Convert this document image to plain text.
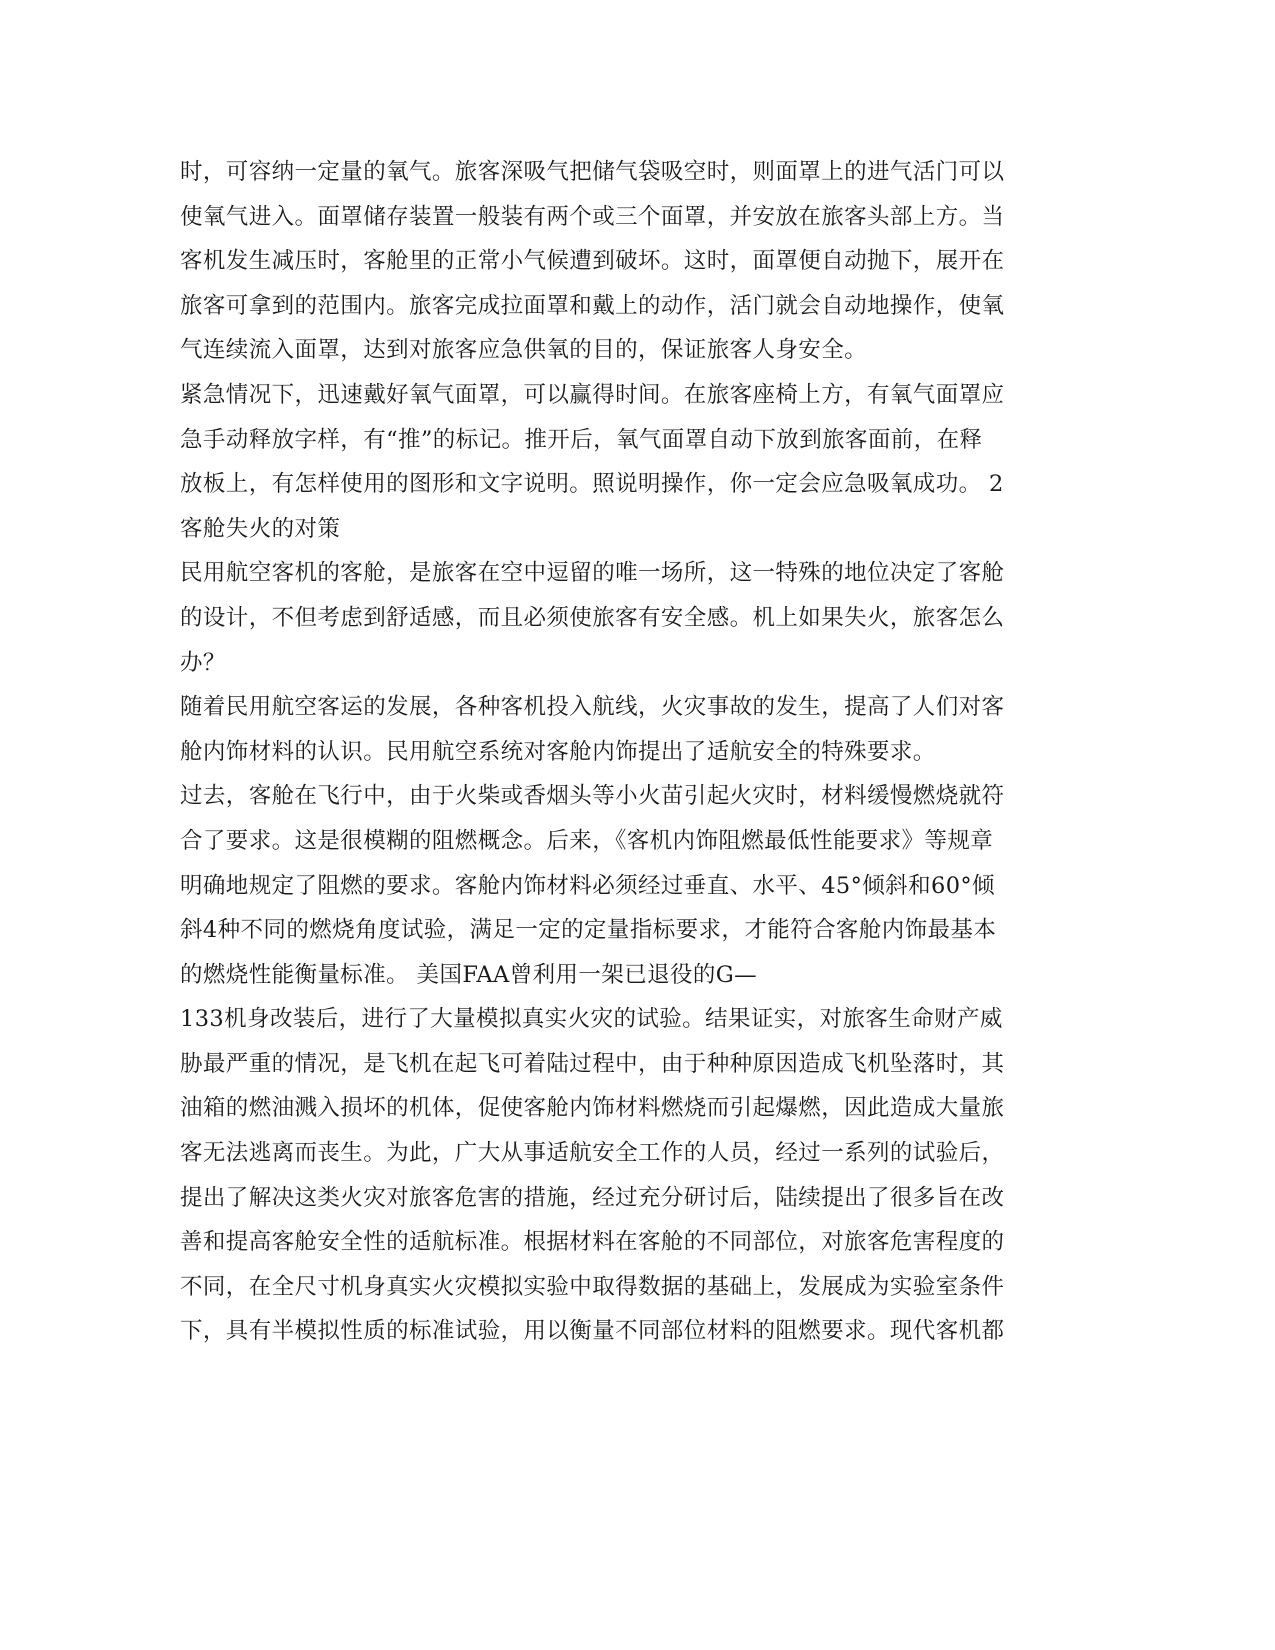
时，可容纳一定量的氧气。旅客深吸气把储气袋吸空时，则面罩上的进气活门可以
使氧气进入。面罩储存装置一般装有两个或三个面罩，并安放在旅客头部上方。当
客机发生减压时，客舱里的正常小气候遭到破坏。这时，面罩便自动抛下，展开在
旅客可拿到的范围内。旅客完成拉面罩和戴上的动作，活门就会自动地操作，使氧
气连续流入面罩，达到对旅客应急供氧的目的，保证旅客人身安全。
紧急情况下，迅速戴好氧气面罩，可以赢得时间。在旅客座椅上方，有氧气面罩应
急手动释放字样，有“推”的标记。推开后，氧气面罩自动下放到旅客面前，在释
放板上，有怎样使用的图形和文字说明。照说明操作，你一定会应急吸氧成功。 2
客舱失火的对策
民用航空客机的客舱，是旅客在空中逗留的唯一场所，这一特殊的地位决定了客舱
的设计，不但考虑到舒适感，而且必须使旅客有安全感。机上如果失火，旅客怎么
办？
随着民用航空客运的发展，各种客机投入航线，火灾事故的发生，提高了人们对客
舱内饰材料的认识。民用航空系统对客舱内饰提出了适航安全的特殊要求。
过去，客舱在飞行中，由于火柴或香烟头等小火苗引起火灾时，材料缓慢燃烧就符
合了要求。这是很模糊的阻燃概念。后来，《客机内饰阻燃最低性能要求》等规章
明确地规定了阻燃的要求。客舱内饰材料必须经过垂直、水平、45°倾斜和60°倾
斜4种不同的燃烧角度试验，满足一定的定量指标要求，才能符合客舱内饰最基本
的燃烧性能衡量标准。 美国FAA曾利用一架已退役的G—
133机身改装后，进行了大量模拟真实火灾的试验。结果证实，对旅客生命财产威
胁最严重的情况，是飞机在起飞可着陆过程中，由于种种原因造成飞机坠落时，其
油箱的燃油溅入损坏的机体，促使客舱内饰材料燃烧而引起爆燃，因此造成大量旅
客无法逃离而丧生。为此，广大从事适航安全工作的人员，经过一系列的试验后，
提出了解决这类火灾对旅客危害的措施，经过充分研讨后，陆续提出了很多旨在改
善和提高客舱安全性的适航标准。根据材料在客舱的不同部位，对旅客危害程度的
不同，在全尺寸机身真实火灾模拟实验中取得数据的基础上，发展成为实验室条件
下，具有半模拟性质的标准试验，用以衡量不同部位材料的阻燃要求。现代客机都
